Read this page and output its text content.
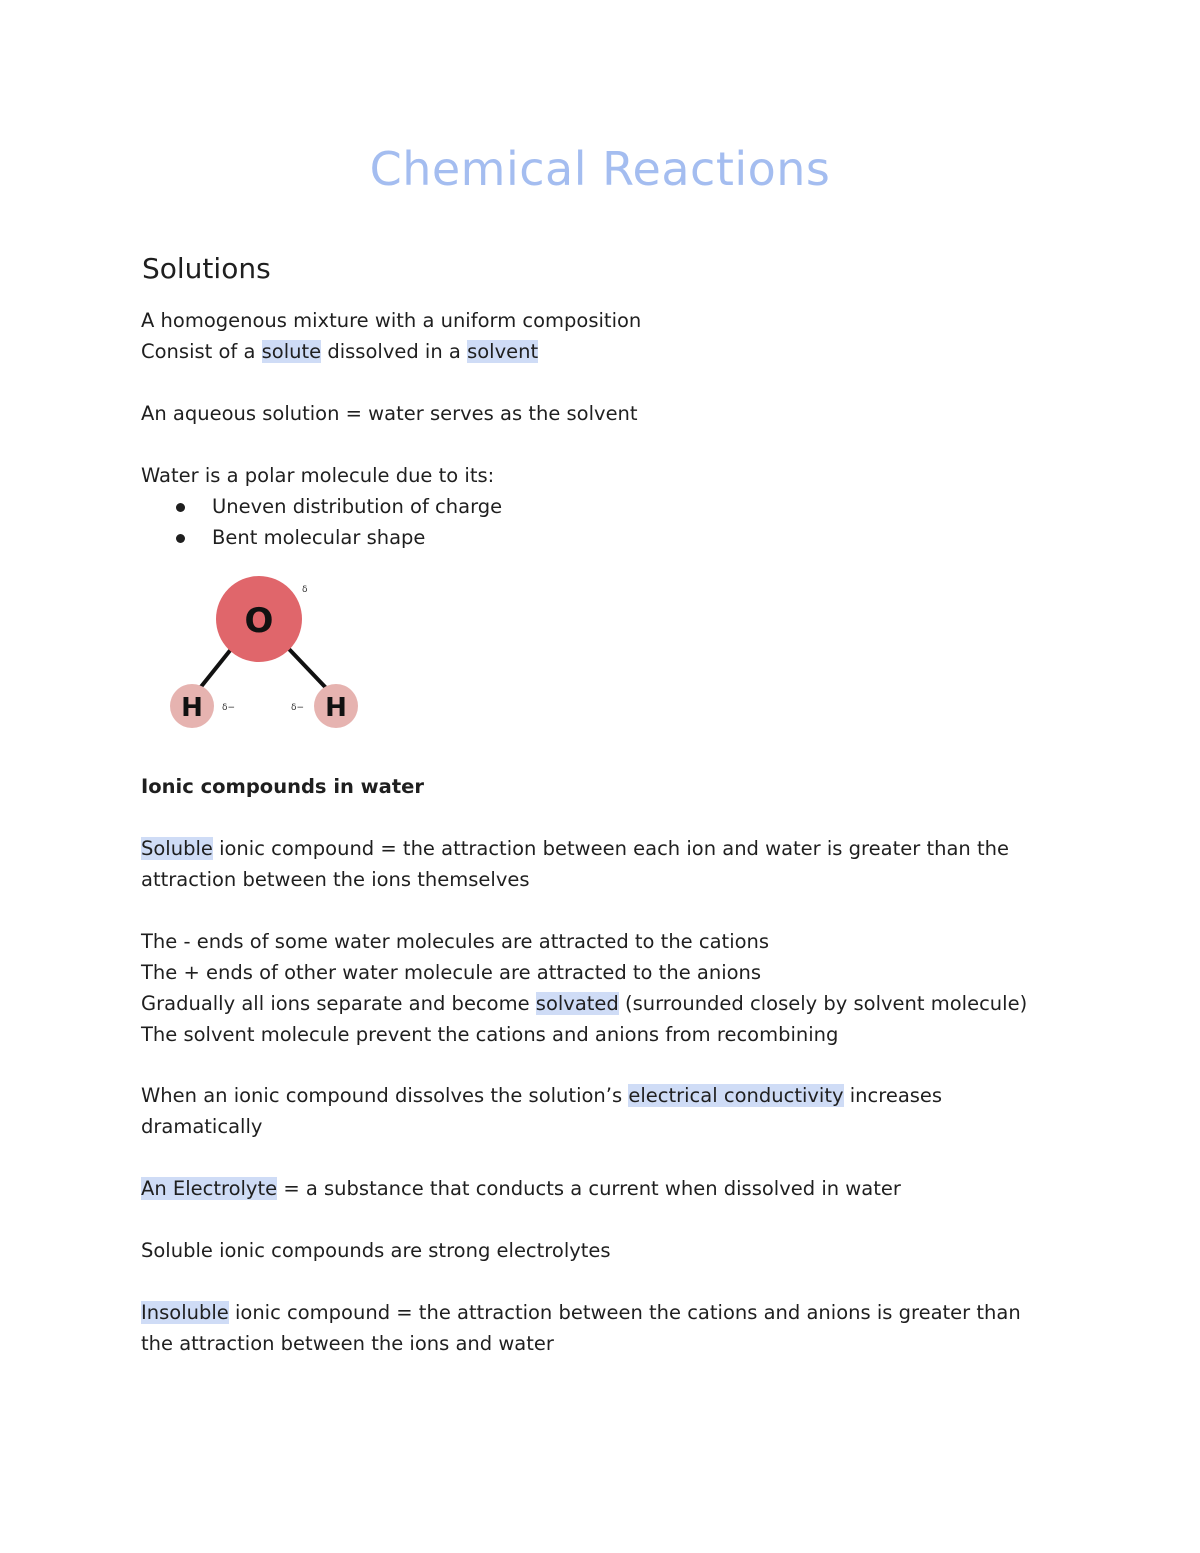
Chemical Reactions
Solutions

A homogenous mixture with a uniform composition

Consist of a solute dissolved in a solvent

An aqueous solution = water serves as the solvent

Water is a polar molecule due to its:

Uneven distribution of charge
Bent molecular shape
O
H	H
δ−	δ−
δ

Ionic compounds in water

Soluble ionic compound = the attraction between each ion and water is greater than the

attraction between the ions themselves

The - ends of some water molecules are attracted to the cations

The + ends of other water molecule are attracted to the anions

Gradually all ions separate and become solvated (surrounded closely by solvent molecule)

The solvent molecule prevent the cations and anions from recombining

When an ionic compound dissolves the solution’s electrical conductivity increases

dramatically

An Electrolyte = a substance that conducts a current when dissolved in water

Soluble ionic compounds are strong electrolytes

Insoluble ionic compound = the attraction between the cations and anions is greater than

the attraction between the ions and water
